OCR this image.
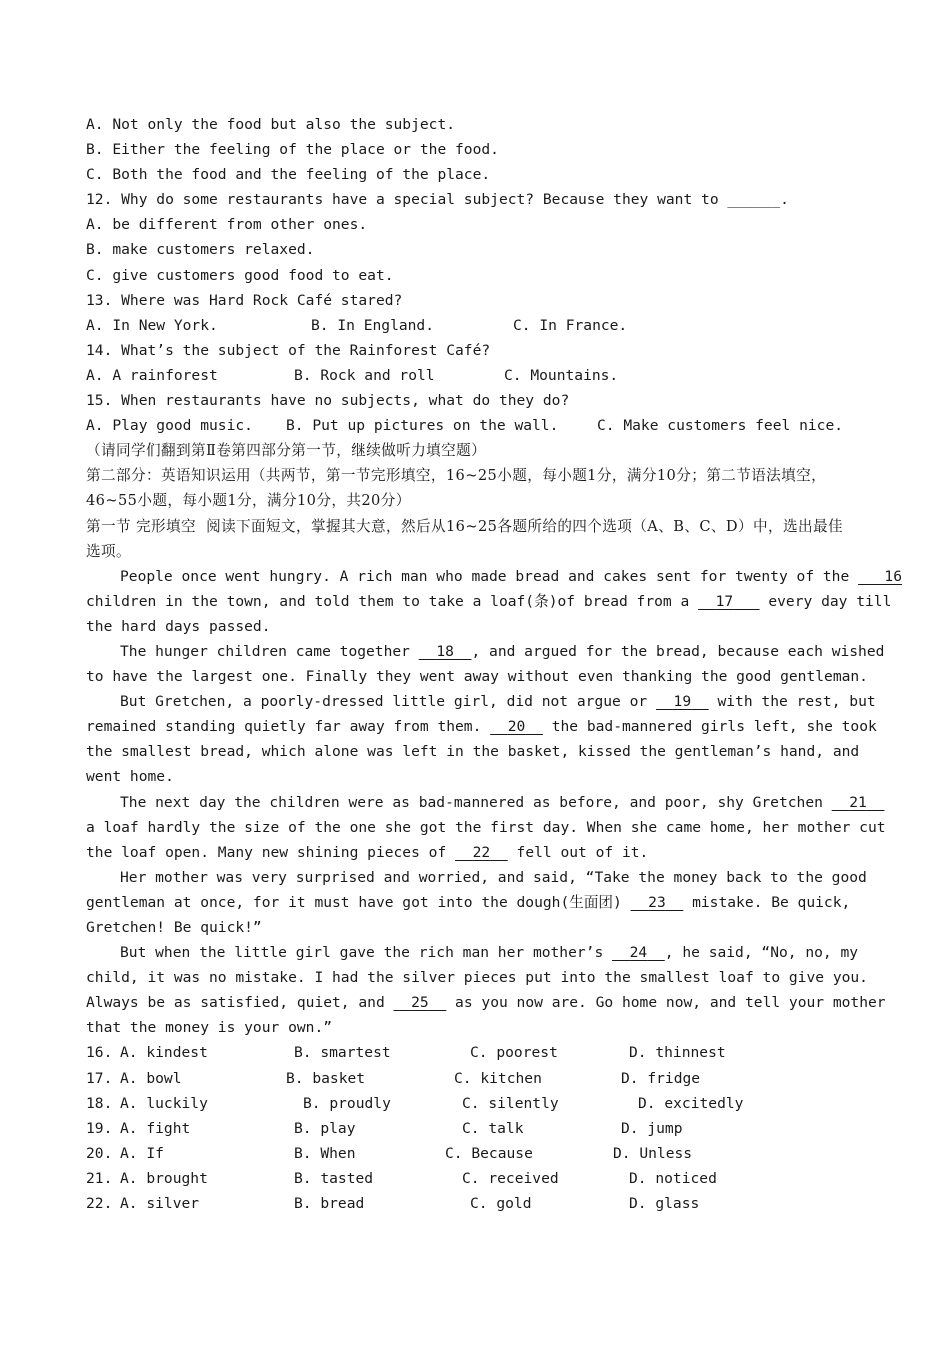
A. Not only the food but also the subject.
B. Either the feeling of the place or the food.
C. Both the food and the feeling of the place.
12. Why do some restaurants have a special subject? Because they want to ______.
A. be different from other ones.
B. make customers relaxed.
C. give customers good food to eat.
13. Where was Hard Rock Café stared?

A. In New York.

	B. In England.

	C. In France.

14. What’s the subject of the Rainforest Café?

A. A rainforest

	B. Rock and roll

	C. Mountains.

15. When restaurants have no subjects, what do they do?

A. Play good music.

B. Put up pictures on the wall.

	C. Make customers feel nice.

（请同学们翻到第Ⅱ卷第四部分第一节，继续做听力填空题）
第二部分：英语知识运用（共两节，第一节完形填空，16~25小题，每小题1分，满分10分；第二节语法填空，
46~55小题，每小题1分，满分10分，共20分）
第一节 完形填空  阅读下面短文，掌握其大意，然后从16~25各题所给的四个选项（A、B、C、D）中，选出最佳
选项。
People once went hungry. A rich man who made bread and cakes sent for twenty of the  __16
children in the town, and told them to take a loaf(条)of bread from a   17    every day till
the hard days passed.
The hunger children came together   18 , and argued for the bread, because each wished
to have the largest one. Finally they went away without even thanking the good gentleman.
But Gretchen, a poorly-dressed little girl, did not argue or   19   with the rest, but
remained standing quietly far away from them.   20   the bad-mannered girls left, she took
the smallest bread, which alone was left in the basket, kissed the gentleman’s hand, and
went home.
The next day the children were as bad-mannered as before, and poor, shy Gretchen   21
a loaf hardly the size of the one she got the first day. When she came home, her mother cut
the loaf open. Many new shining pieces of   22   fell out of it.
Her mother was very surprised and worried, and said, “Take the money back to the good
gentleman at once, for it must have got into the dough(生面团)   23   mistake. Be quick,
Gretchen! Be quick!”
But when the little girl gave the rich man her mother’s   24 , he said, “No, no, my
child, it was no mistake. I had the silver pieces put into the smallest loaf to give you.
Always be as satisfied, quiet, and   25   as you now are. Go home now, and tell your mother
that the money is your own.”

16.

A. kindest

	B. smartest

	C. poorest

	D. thinnest

17.

A. bowl

	B. basket

	C. kitchen

	D. fridge

18.

A. luckily

	B. proudly

	C. silently

	D. excitedly

19.

A. fight

	B. play

	C. talk

	D. jump

20.

A. If

	B. When

	C. Because

	D. Unless

21.

A. brought

	B. tasted

	C. received

	D. noticed

22.

A. silver

	B. bread

	C. gold

	D. glass
